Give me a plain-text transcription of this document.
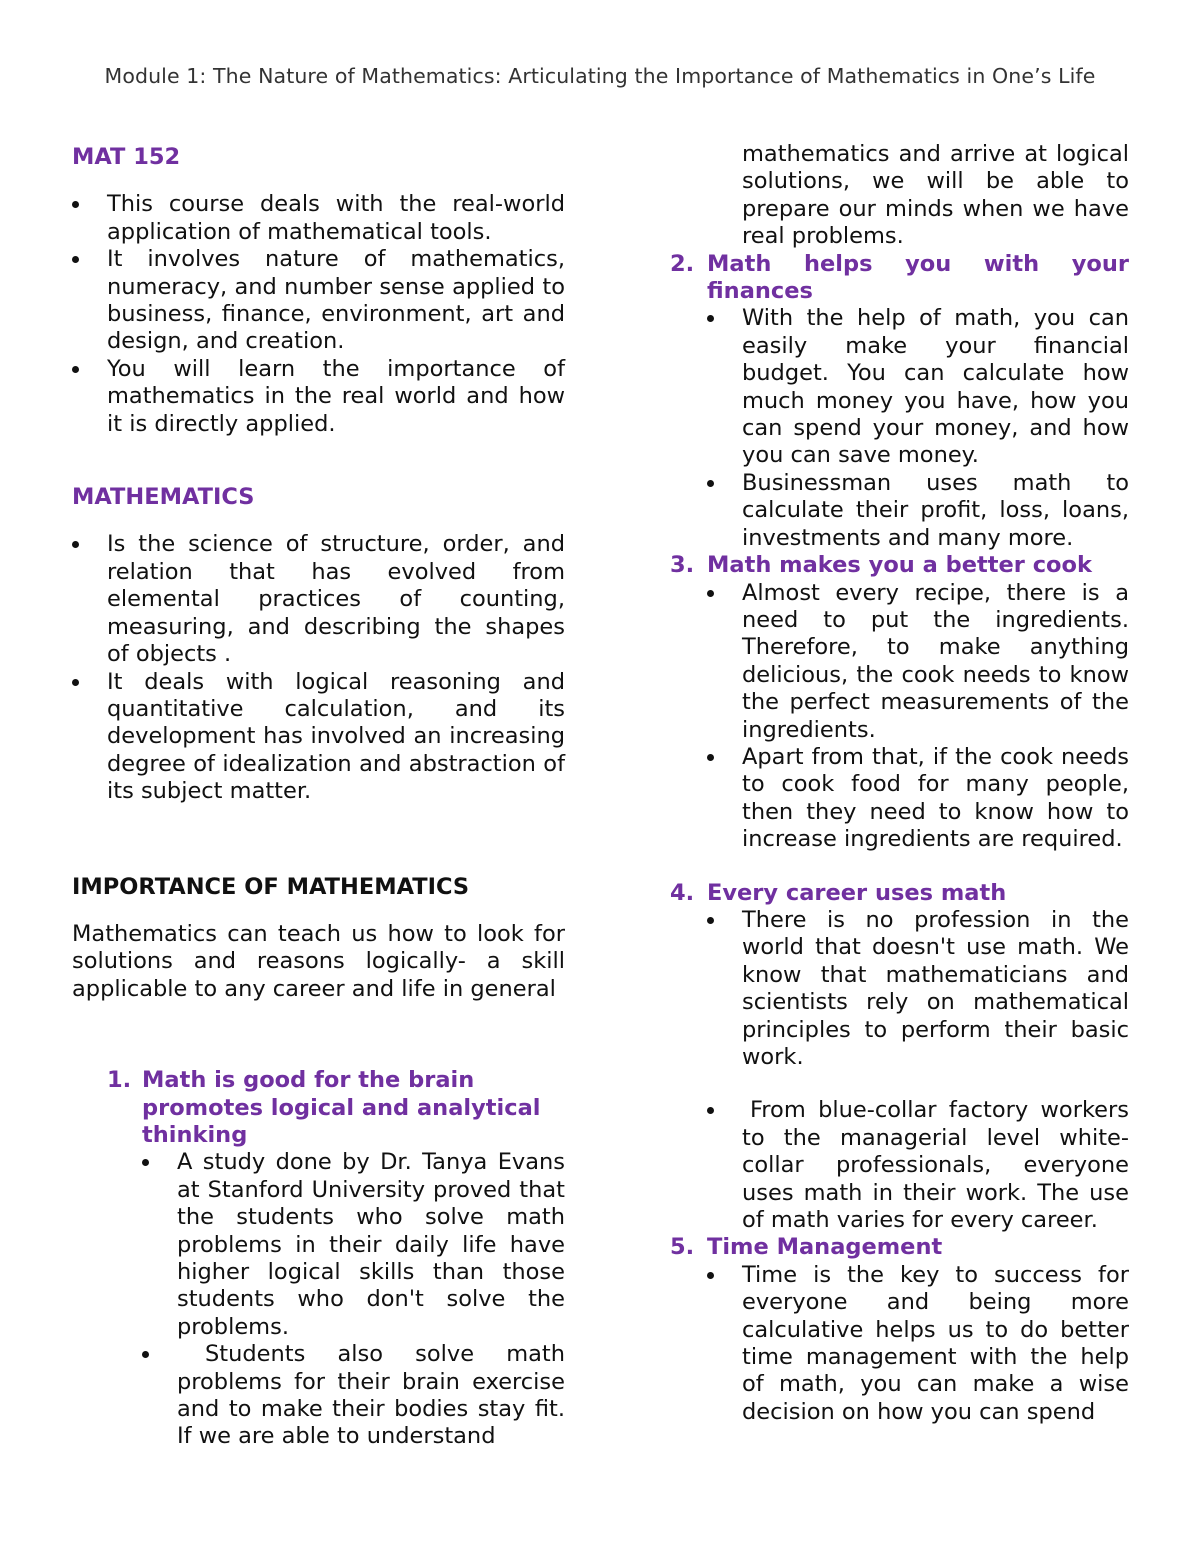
Module 1: The Nature of Mathematics: Articulating the Importance of Mathematics in One’s Life
MAT 152
This course deals with the real-world application of mathematical tools.
It involves nature of mathematics, numeracy, and number sense applied to business, finance, environment, art and design, and creation.
You will learn the importance of mathematics in the real world and how it is directly applied.
MATHEMATICS
Is the science of structure, order, and relation that has evolved from elemental practices of counting, measuring, and describing the shapes of objects .
It deals with logical reasoning and quantitative calculation, and its development has involved an increasing degree of idealization and abstraction of its subject matter.
IMPORTANCE OF MATHEMATICS
Mathematics can teach us how to look for solutions and reasons logically- a skill applicable to any career and life in general
1. Math is good for the brain promotes logical and analytical thinking
A study done by Dr. Tanya Evans at Stanford University proved that the students who solve math problems in their daily life have higher logical skills than those students who don't solve the problems.
Students also solve math problems for their brain exercise and to make their bodies stay fit. If we are able to understand
mathematics and arrive at logical solutions, we will be able to prepare our minds when we have real problems.
2. Math helps you with your finances
With the help of math, you can easily make your financial budget. You can calculate how much money you have, how you can spend your money, and how you can save money.
Businessman uses math to calculate their profit, loss, loans, investments and many more.
3. Math makes you a better cook
Almost every recipe, there is a need to put the ingredients. Therefore, to make anything delicious, the cook needs to know the perfect measurements of the ingredients.
Apart from that, if the cook needs to cook food for many people, then they need to know how to increase ingredients are required.
4. Every career uses math
There is no profession in the world that doesn't use math. We know that mathematicians and scientists rely on mathematical principles to perform their basic work.
From blue-collar factory workers to the managerial level white-collar professionals, everyone uses math in their work. The use of math varies for every career.
5. Time Management
Time is the key to success for everyone and being more calculative helps us to do better time management with the help of math, you can make a wise decision on how you can spend
